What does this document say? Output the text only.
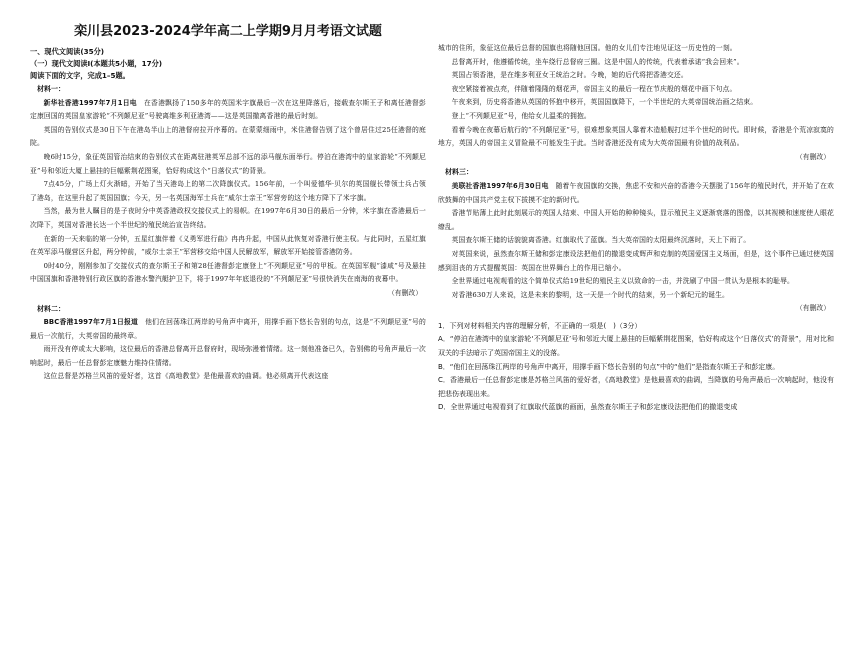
栾川县2023-2024学年高二上学期9月月考语文试题
一、现代文阅读(35分)
（一）现代文阅读I(本题共5小题，17分)
阅读下面的文字，完成1–5题。
材料一：

新华社香港1997年7月1日电　 在香港飘扬了150多年的英国米字旗最后一次在这里降落后，接载查尔斯王子和离任港督彭定康回国的英国皇家游轮“不列颠尼亚”号驶离维多利亚港湾——这是英国撤离香港的最后时刻。

英国的告别仪式是30日下午在港岛半山上的港督府拉开序幕的。在蒙蒙细雨中，米住港督告别了这个曾居住过25任港督的庭院。

晚6时15分，象征英国管治结束的告别仪式在距离驻港英军总部不远的添马舰东面举行。停泊在港湾中的皇家游轮“不列颠尼亚”号和邻近大厦上悬挂的巨幅紫荆花图案，恰好构成这个“日落仪式”的背景。

7点45分，广场上灯火渐暗，开始了当天港岛上的第二次降旗仪式。156年前，一个叫爱德华·贝尔的英国舰长带领士兵占领了港岛，在这里升起了英国国旗；今天，另一名英国海军士兵在“威尔士亲王”军营旁的这个地方降下了米字旗。

当然，最为世人瞩目的是子夜时分中英香港政权交接仪式上的易帜。在1997年6月30日的最后一分钟，米字旗在香港最后一次降下，英国对香港长达一个半世纪的殖民统治宣告终结。

在新的一天来临的第一分钟，五星红旗伴着《义勇军进行曲》冉冉升起，中国从此恢复对香港行使主权。与此同时，五星红旗在英军添马舰营区升起，两分钟前，“威尔士亲王”军营移交给中国人民解放军，解放军开始接管香港防务。

0时40分，刚刚参加了交接仪式的查尔斯王子和第28任港督彭定康登上“不列颠尼亚”号的甲板。在英国军舰“漆咸”号及悬挂中国国旗和香港特别行政区旗的香港水警汽艇护卫下，将于1997年年底退役的“不列颠尼亚”号很快消失在南海的夜幕中。

（有删改）
材料二：

BBC香港1997年7月1日报道　 他们在回荡珠江两岸的号角声中离开，用撑手画下悠长告别的句点，这是“不列颠尼亚”号的最后一次航行，大英帝国的最终章。

雨开没有停或太大影响，这位最后的香港总督离开总督府时，现场弥漫着情绪。这一刻他准备已久，告别佛的号角声最后一次响起时，最后一任总督彭定康魅力维持住情绪。

这位总督是苏格兰风笛的爱好者，这首《高地教堂》是他最喜欢的曲调。他必须离开代表这座

城市的住所，象征这位最后总督的国旗也将随他回国。他的女儿们专注地见证这一历史性的一刻。

总督离开时，他遵循传统，坐车绕行总督府三圈。这是中国人的传统，代表着承诺“我会回来”。

英国占领香港，是在维多利亚女王统治之时。今晚，她的后代将把香港交还。

夜空紧接着被点亮，伴随着隆隆的烟花声，帝国主义的最后一程在节庆般的烟花中画下句点。

午夜来到，历史将香港从英国的怀抱中移开，英国国旗降下，一个半世纪的大英帝国统治画之结束。

登上“不列颠尼亚”号，他给女儿温柔的拥抱。

看着今晚在夜幕后航行的“不列颠尼亚”号，很难想象英国人靠着木造船舰打过半个世纪的时代。即时候，香港是个荒凉寂寞的地方，英国人的帝国主义冒险最不可能发生于此。当时香港还没有成为大英帝国最有价值的战利品。

（有删改）
材料三：

美联社香港1997年6月30日电　 随着午夜国旗的交换，焦虑不安和兴奋的香港今天摆脱了156年的殖民时代，并开始了在欢欣鼓舞的中国共产党主权下拔摸不定的新时代。

香港节贴薄上此时此刻展示的英国人结束、中国人开始的种种镜头，显示殖民主义逐渐衰落的图像，以其视模和速度使人眼花缭乱。

英国查尔斯王储的话貌貌离香港。红旗取代了蓝旗。当大英帝国的太阳最终沉落时，天上下雨了。

对英国来说，虽然查尔斯王储和彭定康设法把他们的撤退变成辉声和克制的英国爱国主义场面，但是，这个事件已通过使英国感到泪丧的方式提醒英国：英国在世界舞台上的作用已缩小。

全世界通过电视观看的这个简单仪式给19世纪的殖民主义以致命的一击，并洗刷了中国一贯认为是根本的耻辱。

对香港630万人来说，这是未来的黎明，这一天是一个时代的结束，另一个新纪元的诞生。

（有删改）
1．下列对材料相关内容的理解分析，不正确的一项是(　)（3分）
A．“停泊在港湾中的皇家游轮‘不列颠尼亚’号和邻近大厦上悬挂的巨幅紫荆花图案，恰好构成这个‘日落仪式’的背景”，用对比和双关的手法暗示了英国帝国主义的没落。
B．“他们在回荡珠江两岸的号角声中离开，用撑手画下悠长告别的句点”中的“他们”是指查尔斯王子和彭定康。
C．香港最后一任总督彭定康是苏格兰风笛的爱好者，《高地教堂》是他最喜欢的曲调，当降旗的号角声最后一次响起时，他没有把悲伤表现出来。
D．全世界通过电视看到了红旗取代蓝旗的画面，虽然查尔斯王子和彭定康设法把他们的撤退变成
